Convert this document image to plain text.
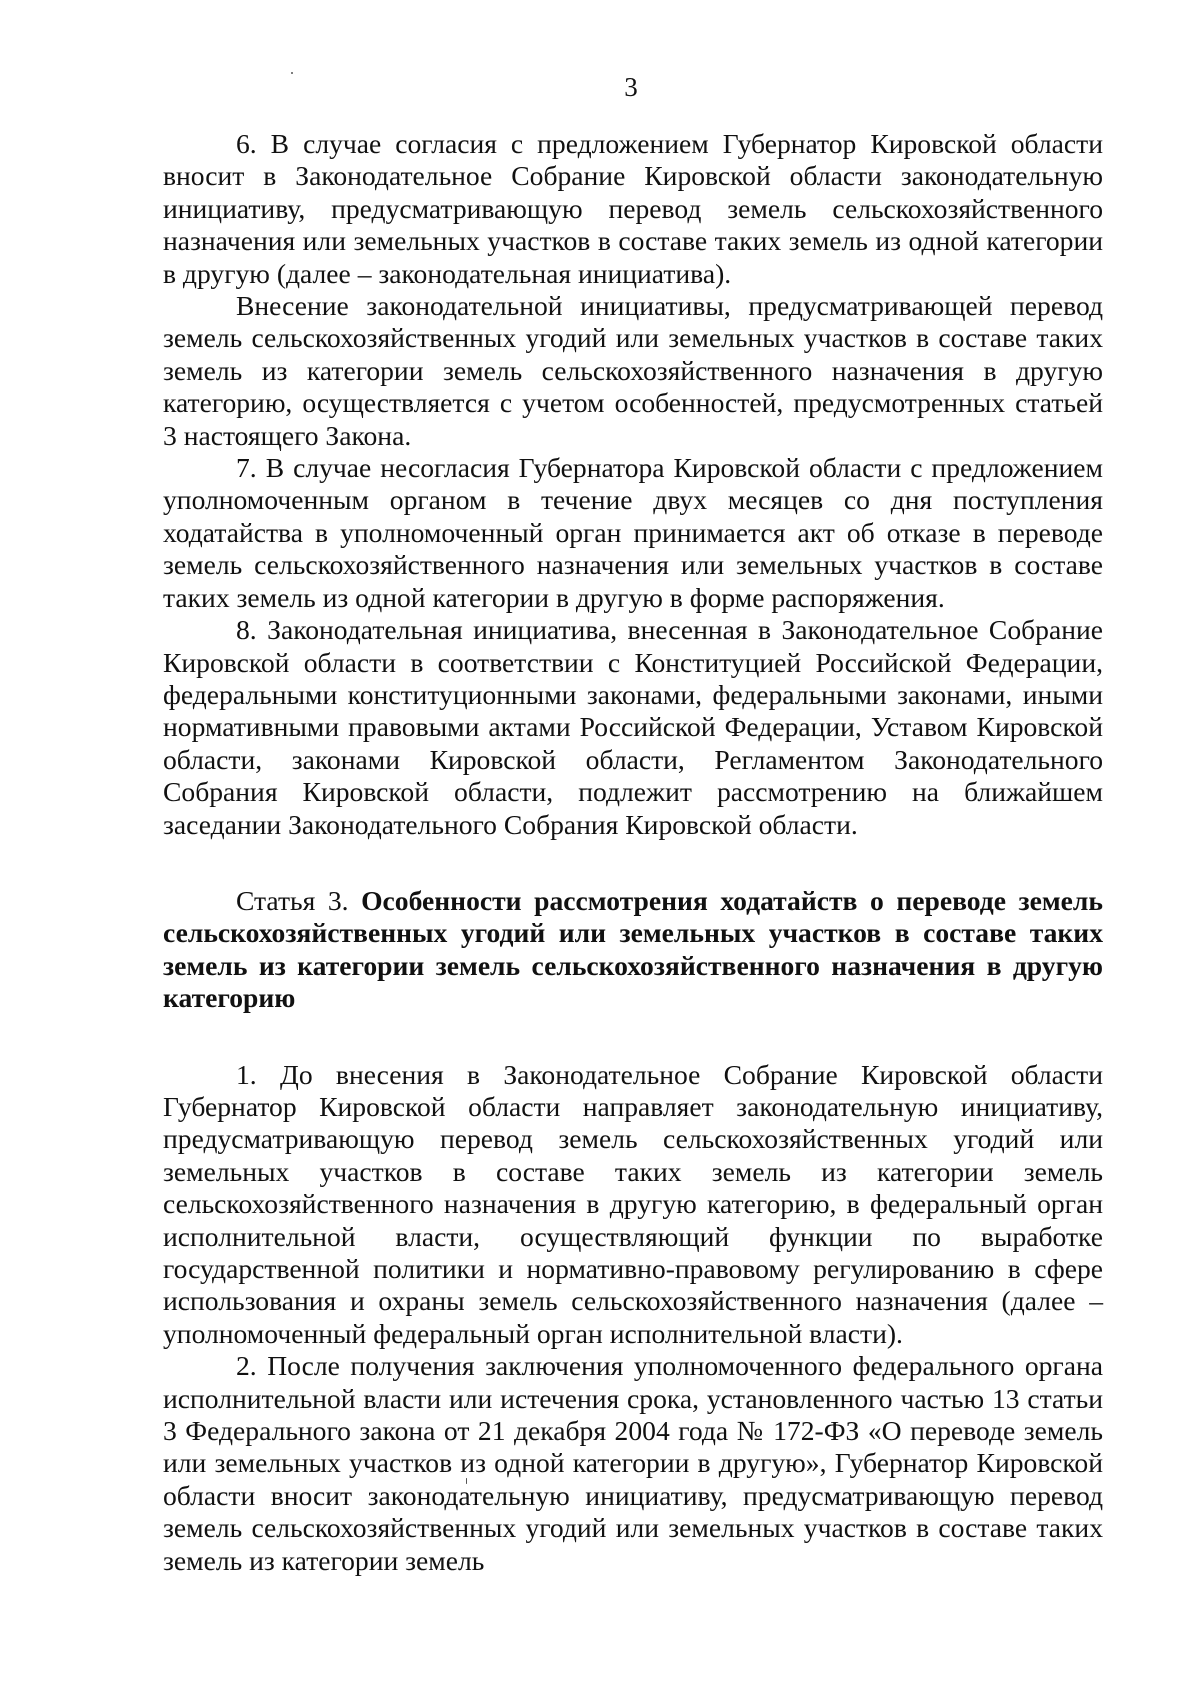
3

6. В случае согласия с предложением Губернатор Кировской области вносит в Законодательное Собрание Кировской области законодательную инициативу, предусматривающую перевод земель сельскохозяйственного назначения или земельных участков в составе таких земель из одной категории в другую (далее – законодательная инициатива).

Внесение законодательной инициативы, предусматривающей перевод земель сельскохозяйственных угодий или земельных участков в составе таких земель из категории земель сельскохозяйственного назначения в другую категорию, осуществляется с учетом особенностей, предусмотренных статьей 3 настоящего Закона.

7. В случае несогласия Губернатора Кировской области с предложением уполномоченным органом в течение двух месяцев со дня поступления ходатайства в уполномоченный орган принимается акт об отказе в переводе земель сельскохозяйственного назначения или земельных участков в составе таких земель из одной категории в другую в форме распоряжения.

8. Законодательная инициатива, внесенная в Законодательное Собрание Кировской области в соответствии с Конституцией Российской Федерации, федеральными конституционными законами, федеральными законами, иными нормативными правовыми актами Российской Федерации, Уставом Кировской области, законами Кировской области, Регламентом Законодательного Собрания Кировской области, подлежит рассмотрению на ближайшем заседании Законодательного Собрания Кировской области.

Статья 3. Особенности рассмотрения ходатайств о переводе земель сельскохозяйственных угодий или земельных участков в составе таких земель из категории земель сельскохозяйственного назначения в другую категорию

1. До внесения в Законодательное Собрание Кировской области Губернатор Кировской области направляет законодательную инициативу, предусматривающую перевод земель сельскохозяйственных угодий или земельных участков в составе таких земель из категории земель сельскохозяйственного назначения в другую категорию, в федеральный орган исполнительной власти, осуществляющий функции по выработке государственной политики и нормативно-правовому регулированию в сфере использования и охраны земель сельскохозяйственного назначения (далее – уполномоченный федеральный орган исполнительной власти).

2. После получения заключения уполномоченного федерального органа исполнительной власти или истечения срока, установленного частью 13 статьи 3 Федерального закона от 21 декабря 2004 года № 172-ФЗ «О переводе земель или земельных участков из одной категории в другую», Губернатор Кировской области вносит законодательную инициативу, предусматривающую перевод земель сельскохозяйственных угодий или земельных участков в составе таких земель из категории земель
